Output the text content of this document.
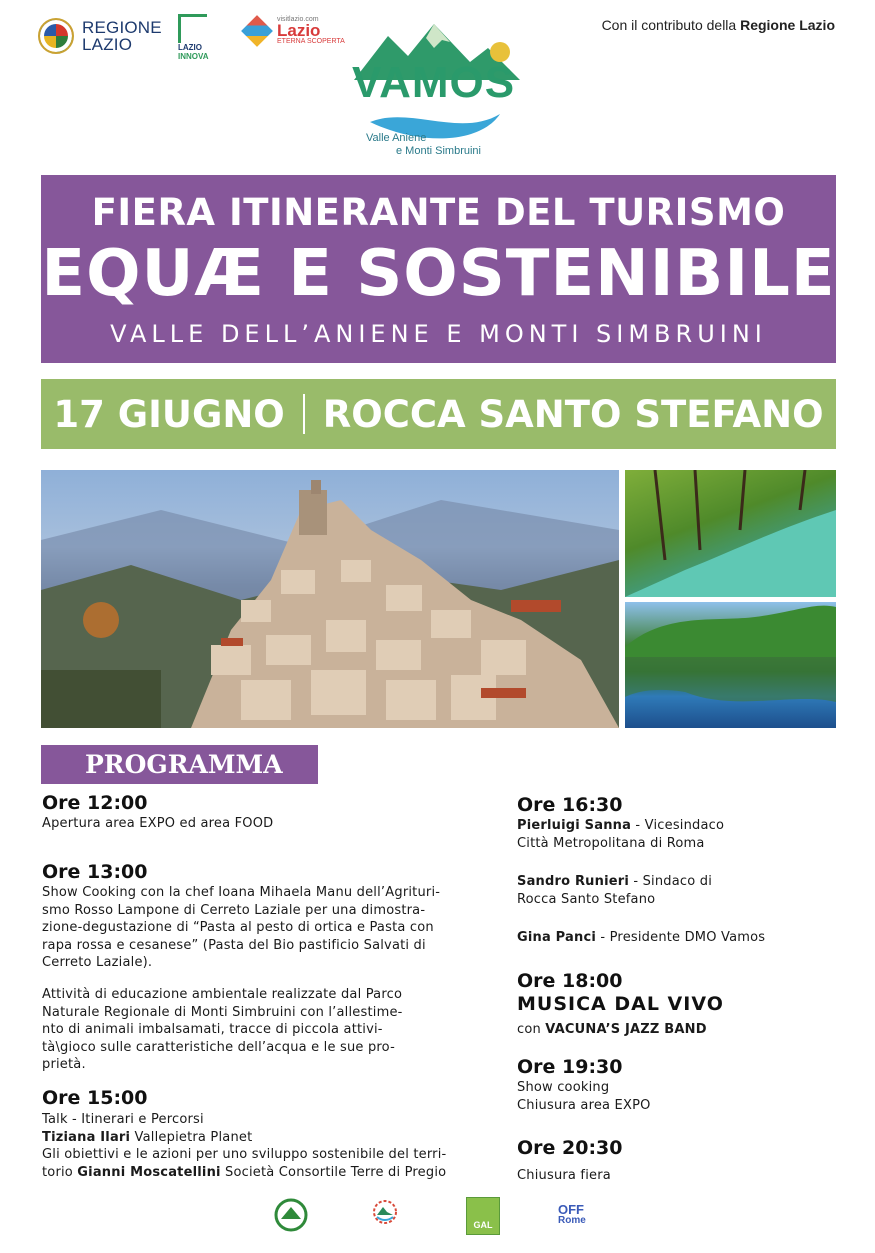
REGIONE
LAZIO	LAZIO
INNOVA
visitlazio.com
Lazio
ETERNA SCOPERTA
Con il contributo della Regione Lazio
VAMOS
Valle Aniene
e Monti Simbruini
FIERA ITINERANTE DEL TURISMO
EQUÆ E SOSTENIBILE
VALLE DELL’ANIENE E MONTI SIMBRUINI
17 GIUGNO ROCCA SANTO STEFANO
PROGRAMMA
Ore 12:00
Apertura area EXPO ed area FOOD
Ore 13:00
Show Cooking con la chef Ioana Mihaela Manu dell’Agrituri-
smo Rosso Lampone di Cerreto Laziale per una dimostra-
zione-degustazione di “Pasta al pesto di ortica e Pasta con
rapa rossa e cesanese” (Pasta del Bio pastificio Salvati di
Cerreto Laziale).
Attività di educazione ambientale realizzate dal Parco
Naturale Regionale di Monti Simbruini con l’allestime-
nto di animali imbalsamati, tracce di piccola attivi-
tà\gioco sulle caratteristiche dell’acqua e le sue pro-
prietà.
Ore 15:00
Talk - Itinerari e Percorsi
Tiziana Ilari Vallepietra Planet
Gli obiettivi e le azioni per uno sviluppo sostenibile del terri-
torio Gianni Moscatellini Società Consortile Terre di Pregio
Ore 16:30
Pierluigi Sanna - Vicesindaco
Città Metropolitana di Roma
Sandro Runieri - Sindaco di
Rocca Santo Stefano
Gina Panci - Presidente DMO Vamos
Ore 18:00
MUSICA DAL VIVO
con VACUNA’S JAZZ BAND
Ore 19:30
Show cooking
Chiusura area EXPO
Ore 20:30
Chiusura fiera
GAL
OFF
Rome
